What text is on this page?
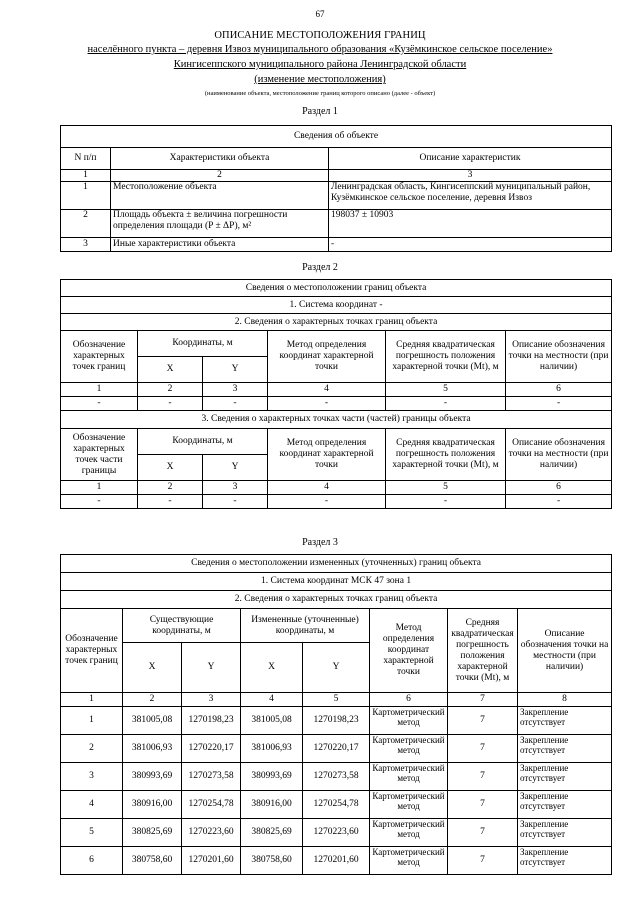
67
ОПИСАНИЕ МЕСТОПОЛОЖЕНИЯ ГРАНИЦ
населённого пункта – деревня Извоз муниципального образования «Кузёмкинское сельское поселение»
Кингисеппского муниципального района Ленинградской области
(изменение местоположения)
(наименование объекта, местоположение границ которого описано (далее - объект)
Раздел 1
Сведения об объекте		
N п/п	Характеристики объекта	Описание характеристик
1	2	3
1	Местоположение объекта	Ленинградская область, Кингисеппский муниципальный район, Кузёмкинское сельское поселение, деревня Извоз
2	Площадь объекта ± величина погрешности определения площади (P ± ΔP), м²	198037 ± 10903
3	Иные характеристики объекта	-
Раздел 2
Сведения о местоположении границ объекта					
1. Система координат -					
2. Сведения о характерных точках границ объекта					
Обозначение характерных точек границ	Координаты, м		Метод определения координат характерной точки	Средняя квадратическая погрешность положения характерной точки (Mt), м	Описание обозначения точки на местности (при наличии)
	X	Y			
1	2	3	4	5	6
-	-	-	-	-	-
3. Сведения о характерных точках части (частей) границы объекта					
Обозначение характерных точек части границы	Координаты, м		Метод определения координат характерной точки	Средняя квадратическая погрешность положения характерной точки (Mt), м	Описание обозначения точки на местности (при наличии)
	X	Y			
1	2	3	4	5	6
-	-	-	-	-	-
Раздел 3
Сведения о местоположении измененных (уточненных) границ объекта							
1. Система координат МСК 47 зона 1							
2. Сведения о характерных точках границ объекта							
Обозначение характерных точек границ	Существующие координаты, м		Измененные (уточненные) координаты, м		Метод определения координат характерной точки	Средняя квадратическая погрешность положения характерной точки (Mt), м	Описание обозначения точки на местности (при наличии)
	X	Y	X	Y			
1	2	3	4	5	6	7	8
1	381005,08	1270198,23	381005,08	1270198,23	Картометрический метод	7	Закрепление отсутствует
2	381006,93	1270220,17	381006,93	1270220,17	Картометрический метод	7	Закрепление отсутствует
3	380993,69	1270273,58	380993,69	1270273,58	Картометрический метод	7	Закрепление отсутствует
4	380916,00	1270254,78	380916,00	1270254,78	Картометрический метод	7	Закрепление отсутствует
5	380825,69	1270223,60	380825,69	1270223,60	Картометрический метод	7	Закрепление отсутствует
6	380758,60	1270201,60	380758,60	1270201,60	Картометрический метод	7	Закрепление отсутствует
